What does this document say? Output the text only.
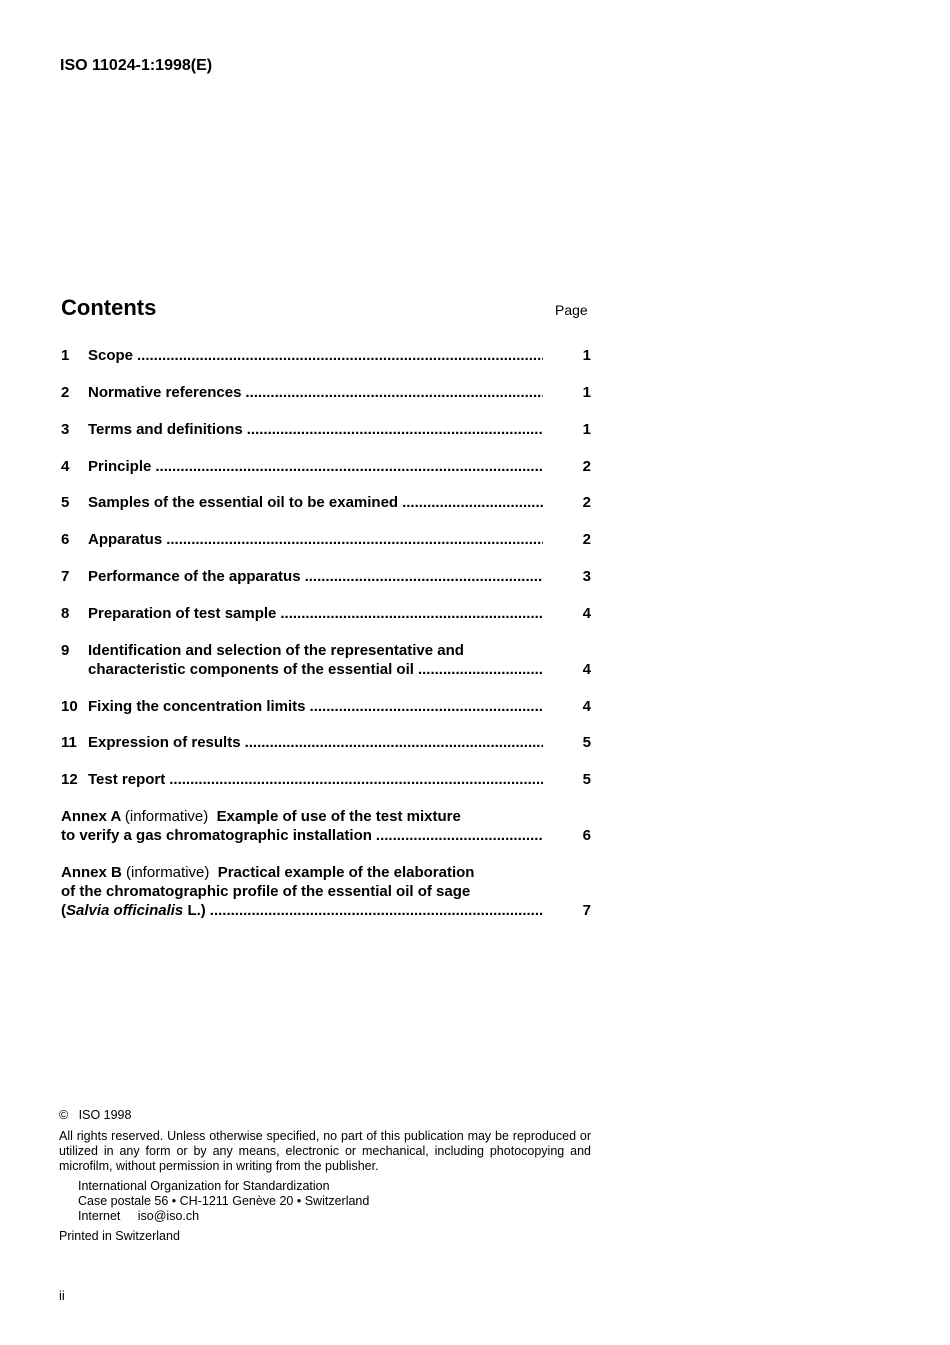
ISO 11024-1:1998(E)
Contents	Page
1 Scope .....	1
2 Normative references .....	1
3 Terms and definitions .....	1
4 Principle .....	2
5 Samples of the essential oil to be examined .....	2
6 Apparatus .....	2
7 Performance of the apparatus .....	3
8 Preparation of test sample .....	4
9 Identification and selection of the representative and
characteristic components of the essential oil .....	4
10 Fixing the concentration limits .....	4
11 Expression of results .....	5
12 Test report .....	5
Annex A (informative) Example of use of the test mixture
to verify a gas chromatographic installation .....	6
Annex B (informative) Practical example of the elaboration
of the chromatographic profile of the essential oil of sage
(Salvia officinalis L.) .....	7
© ISO 1998
All rights reserved. Unless otherwise specified, no part of this publication may be reproduced or utilized in any form or by any means, electronic or mechanical, including photocopying and microfilm, without permission in writing from the publisher.
International Organization for Standardization
Case postale 56 • CH-1211 Genève 20 • Switzerland
Internet iso@iso.ch
Printed in Switzerland
ii
